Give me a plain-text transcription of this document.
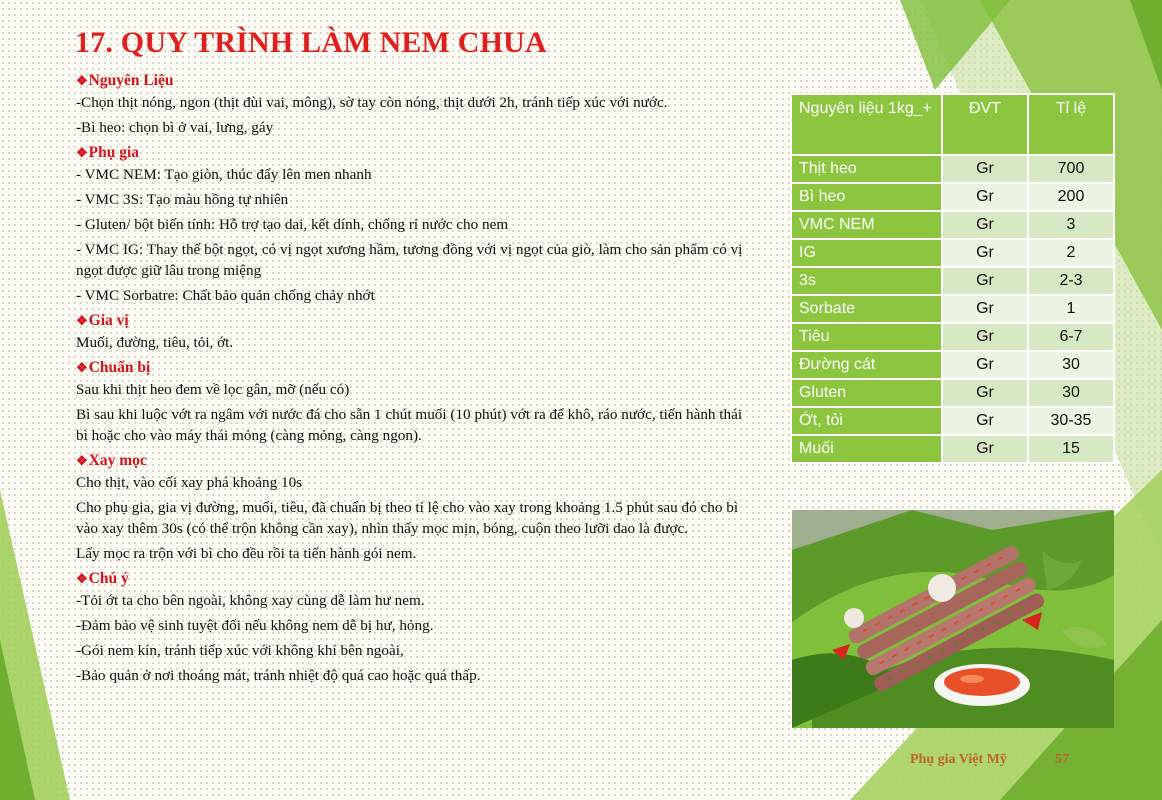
17. QUY TRÌNH LÀM NEM CHUA
❖Nguyên Liệu
-Chọn thịt nóng, ngon (thịt đùi vai, mông), sờ tay còn nóng, thịt dưới 2h, tránh tiếp xúc với nước.
-Bì heo: chọn bì ở vai, lưng, gáy
❖Phụ gia
- VMC NEM: Tạo giòn, thúc đẩy lên men nhanh
- VMC 3S: Tạo màu hồng tự nhiên
- Gluten/ bột biến tính: Hỗ trợ tạo dai, kết dính, chống rỉ nước cho nem
- VMC IG: Thay thế bột ngọt, có vị ngọt xương hầm, tương đồng với vị ngọt của giò, làm cho sản phẩm có vị ngọt được giữ lâu trong miệng
- VMC Sorbatre: Chất bảo quản chống chảy nhớt
❖Gia vị
Muối, đường, tiêu, tỏi, ớt.
❖Chuẩn bị
Sau khi thịt heo đem về lọc gân, mỡ (nếu có)
Bì sau khi luộc vớt ra ngâm với nước đá cho sẵn 1 chút muối (10 phút) vớt ra để khô, ráo nước, tiến hành thái bì hoặc cho vào máy thái mỏng (càng mỏng, càng ngon).
❖Xay mọc
Cho thịt, vào cối xay phá khoảng 10s
Cho phụ gia, gia vị đường, muối, tiêu, đã chuẩn bị theo tỉ lệ cho vào xay trong khoảng 1.5 phút sau đó cho bì vào xay thêm 30s (có thể trộn không cần xay), nhìn thấy mọc mịn, bóng, cuộn theo lưỡi dao là được.
Lấy mọc ra trộn với bì cho đều rồi ta tiến hành gói nem.
❖Chú ý
-Tỏi ớt ta cho bên ngoài, không xay cùng dễ làm hư nem.
-Đảm bảo vệ sinh tuyệt đối nếu không nem dễ bị hư, hỏng.
-Gói nem kín, tránh tiếp xúc với không khí bên ngoài,
-Bảo quản ở nơi thoáng mát, tránh nhiệt độ quá cao hoặc quá thấp.
Nguyên liệu 1kg_+	ĐVT	Tỉ lệ
Thịt heo	Gr	700
Bì heo	Gr	200
VMC NEM	Gr	3
IG	Gr	2
3s	Gr	2-3
Sorbate	Gr	1
Tiêu	Gr	6-7
Đường cát	Gr	30
Gluten	Gr	30
Ớt, tỏi	Gr	30-35
Muối	Gr	15
Phụ gia Việt Mỹ	57
